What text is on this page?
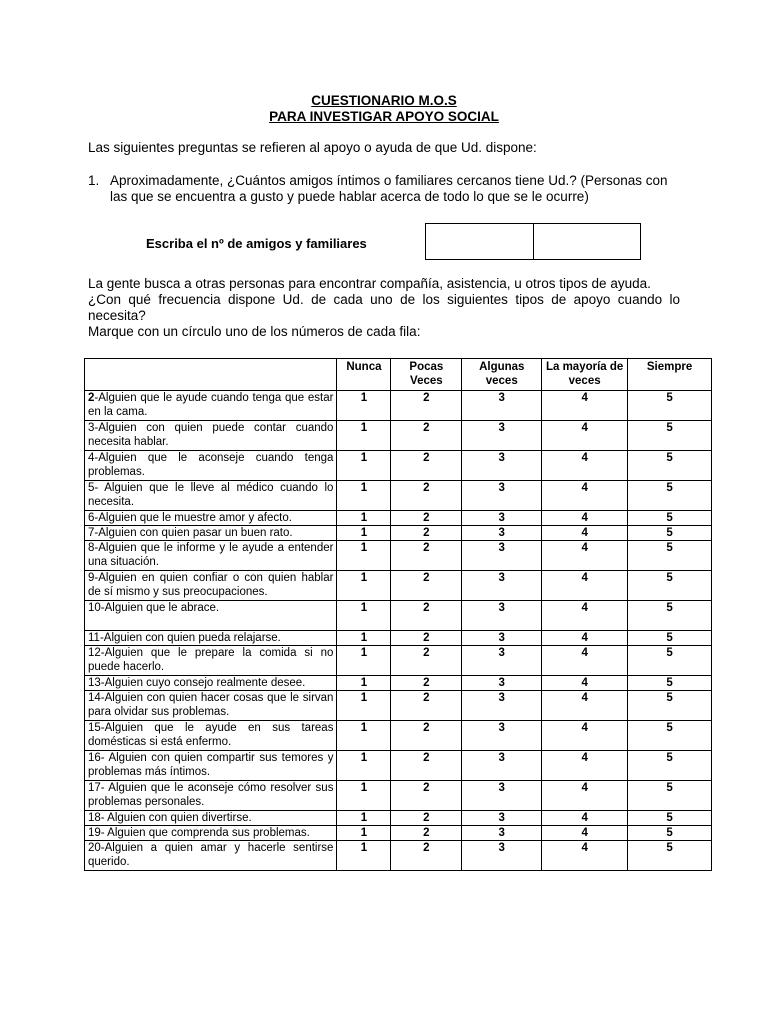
CUESTIONARIO M.O.S
PARA INVESTIGAR APOYO SOCIAL
Las siguientes preguntas se refieren al apoyo o ayuda de que Ud. dispone:
1. Aproximadamente, ¿Cuántos amigos íntimos o familiares cercanos tiene Ud.? (Personas con las que se encuentra a gusto y puede hablar acerca de todo lo que se le ocurre)
Escriba el nº de amigos y familiares

La gente busca a otras personas para encontrar compañía, asistencia, u otros tipos de ayuda.

¿Con qué frecuencia dispone Ud. de cada uno de los siguientes tipos de apoyo cuando lo necesita?

Marque con un círculo uno de los números de cada fila:

	Nunca	Pocas Veces	Algunas veces	La mayoría de veces	Siempre
2-Alguien que le ayude cuando tenga que estar en la cama.	1	2	3	4	5
3-Alguien con quien puede contar cuando necesita hablar.	1	2	3	4	5
4-Alguien que le aconseje cuando tenga problemas.	1	2	3	4	5
5- Alguien que le lleve al médico cuando lo necesita.	1	2	3	4	5
6-Alguien que le muestre amor y afecto.	1	2	3	4	5
7-Alguien con quien pasar un buen rato.	1	2	3	4	5
8-Alguien que le informe y le ayude a entender una situación.	1	2	3	4	5
9-Alguien en quien confiar o con quien hablar de sí mismo y sus preocupaciones.	1	2	3	4	5
10-Alguien que le abrace.	1	2	3	4	5
11-Alguien con quien pueda relajarse.	1	2	3	4	5
12-Alguien que le prepare la comida si no puede hacerlo.	1	2	3	4	5
13-Alguien cuyo consejo realmente desee.	1	2	3	4	5
14-Alguien con quien hacer cosas que le sirvan para olvidar sus problemas.	1	2	3	4	5
15-Alguien que le ayude en sus tareas domésticas si está enfermo.	1	2	3	4	5
16- Alguien con quien compartir sus temores y problemas más íntimos.	1	2	3	4	5
17- Alguien que le aconseje cómo resolver sus problemas personales.	1	2	3	4	5
18- Alguien con quien divertirse.	1	2	3	4	5
19- Alguien que comprenda sus problemas.	1	2	3	4	5
20-Alguien a quien amar y hacerle sentirse querido.	1	2	3	4	5
